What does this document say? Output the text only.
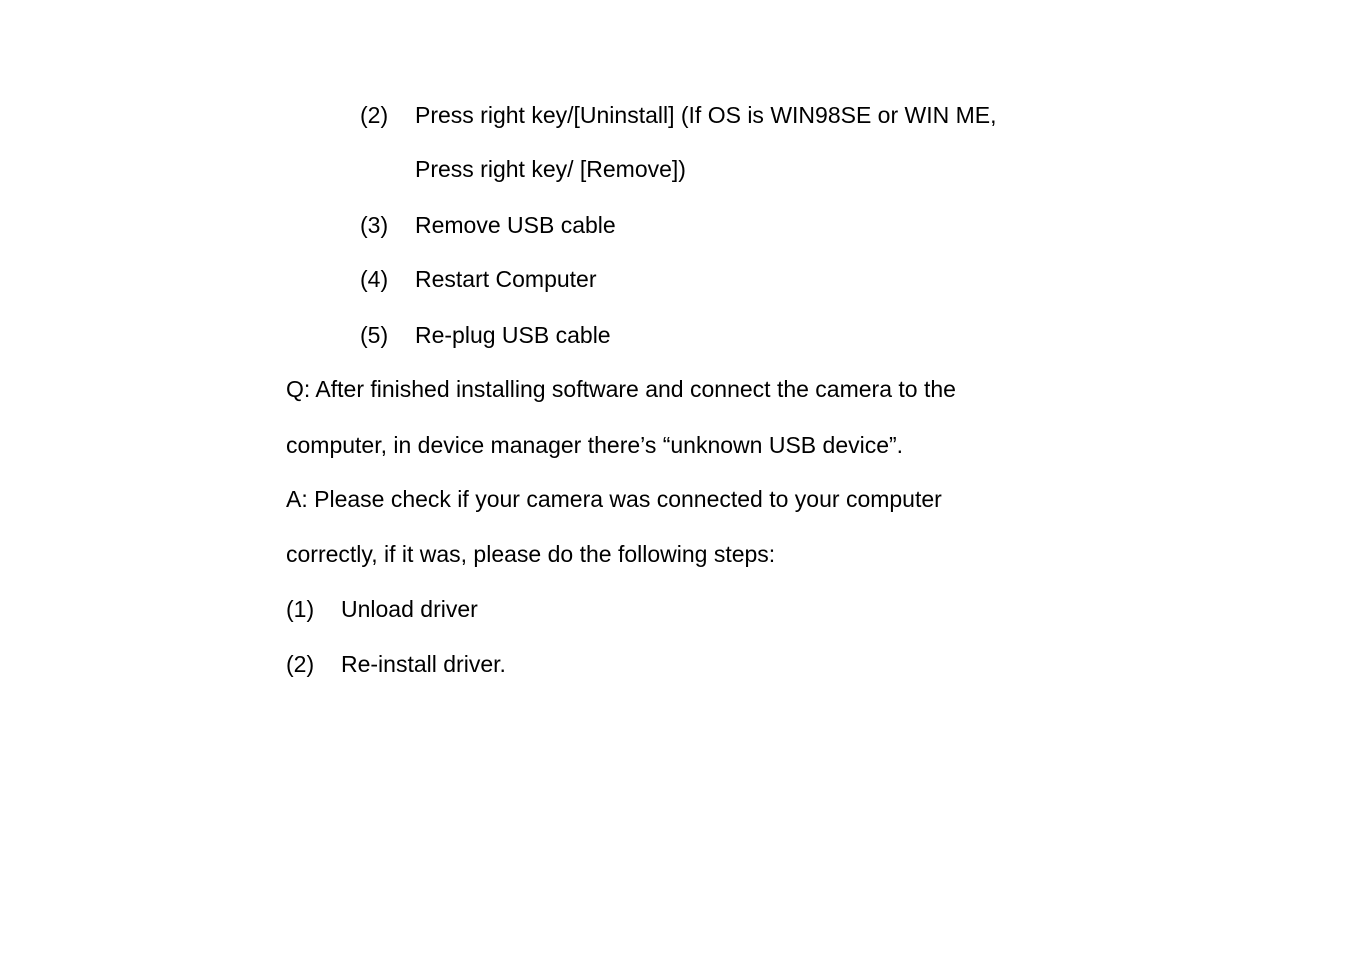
(2) Press right key/[Uninstall] (If OS is WIN98SE or WIN ME,
Press right key/ [Remove])
(3) Remove USB cable
(4) Restart Computer
(5) Re-plug USB cable
Q: After finished installing software and connect the camera to the
computer, in device manager there’s “unknown USB device”.
A: Please check if your camera was connected to your computer
correctly, if it was, please do the following steps:
(1) Unload driver
(2) Re-install driver.
